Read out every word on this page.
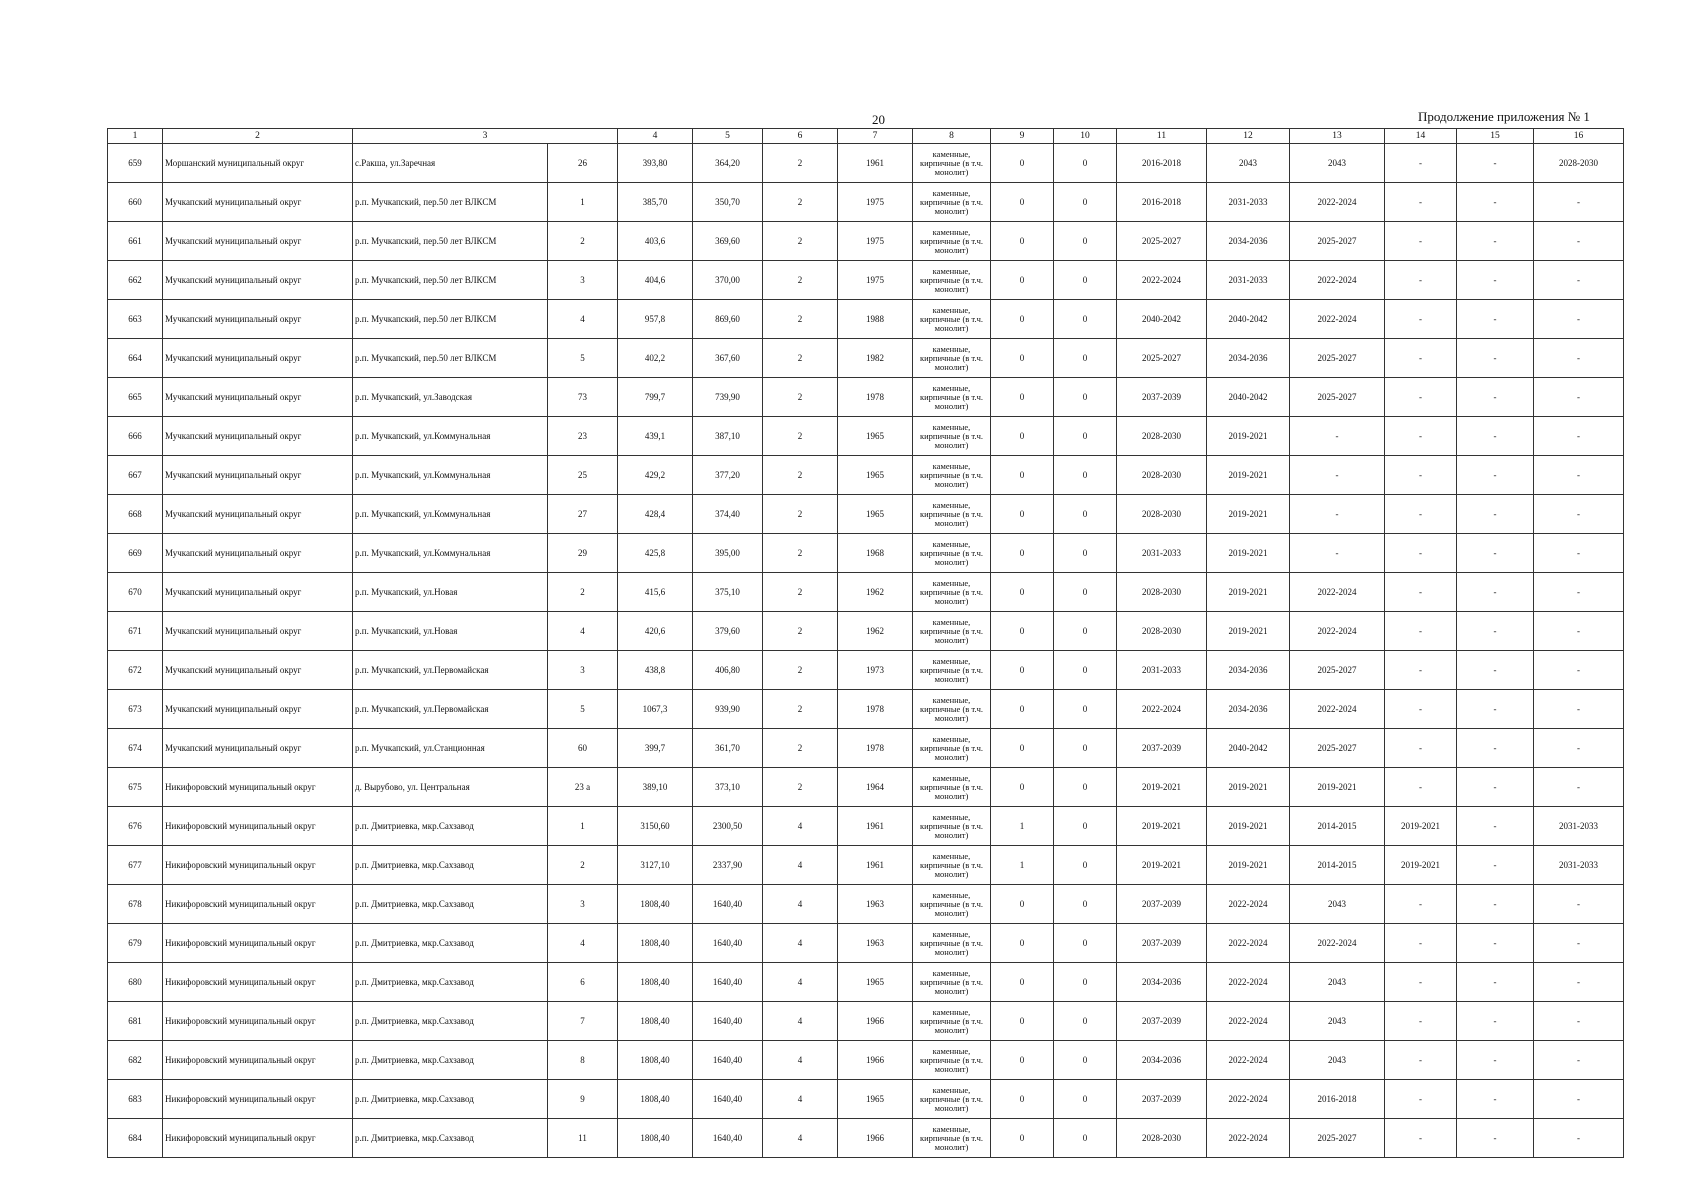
20	Продолжение приложения № 1
1	2	3		4	5	6	7	8	9	10	11	12	13	14	15	16
659	Моршанский муниципальный округ	с.Ракша, ул.Заречная	26	393,80	364,20	2	1961	каменные, кирпичные (в т.ч. монолит)	0	0	2016-2018	2043	2043	-	-	2028-2030
660	Мучкапский муниципальный округ	р.п. Мучкапский, пер.50 лет ВЛКСМ	1	385,70	350,70	2	1975	каменные, кирпичные (в т.ч. монолит)	0	0	2016-2018	2031-2033	2022-2024	-	-	-
661	Мучкапский муниципальный округ	р.п. Мучкапский, пер.50 лет ВЛКСМ	2	403,6	369,60	2	1975	каменные, кирпичные (в т.ч. монолит)	0	0	2025-2027	2034-2036	2025-2027	-	-	-
662	Мучкапский муниципальный округ	р.п. Мучкапский, пер.50 лет ВЛКСМ	3	404,6	370,00	2	1975	каменные, кирпичные (в т.ч. монолит)	0	0	2022-2024	2031-2033	2022-2024	-	-	-
663	Мучкапский муниципальный округ	р.п. Мучкапский, пер.50 лет ВЛКСМ	4	957,8	869,60	2	1988	каменные, кирпичные (в т.ч. монолит)	0	0	2040-2042	2040-2042	2022-2024	-	-	-
664	Мучкапский муниципальный округ	р.п. Мучкапский, пер.50 лет ВЛКСМ	5	402,2	367,60	2	1982	каменные, кирпичные (в т.ч. монолит)	0	0	2025-2027	2034-2036	2025-2027	-	-	-
665	Мучкапский муниципальный округ	р.п. Мучкапский, ул.Заводская	73	799,7	739,90	2	1978	каменные, кирпичные (в т.ч. монолит)	0	0	2037-2039	2040-2042	2025-2027	-	-	-
666	Мучкапский муниципальный округ	р.п. Мучкапский, ул.Коммунальная	23	439,1	387,10	2	1965	каменные, кирпичные (в т.ч. монолит)	0	0	2028-2030	2019-2021	-	-	-	-
667	Мучкапский муниципальный округ	р.п. Мучкапский, ул.Коммунальная	25	429,2	377,20	2	1965	каменные, кирпичные (в т.ч. монолит)	0	0	2028-2030	2019-2021	-	-	-	-
668	Мучкапский муниципальный округ	р.п. Мучкапский, ул.Коммунальная	27	428,4	374,40	2	1965	каменные, кирпичные (в т.ч. монолит)	0	0	2028-2030	2019-2021	-	-	-	-
669	Мучкапский муниципальный округ	р.п. Мучкапский, ул.Коммунальная	29	425,8	395,00	2	1968	каменные, кирпичные (в т.ч. монолит)	0	0	2031-2033	2019-2021	-	-	-	-
670	Мучкапский муниципальный округ	р.п. Мучкапский, ул.Новая	2	415,6	375,10	2	1962	каменные, кирпичные (в т.ч. монолит)	0	0	2028-2030	2019-2021	2022-2024	-	-	-
671	Мучкапский муниципальный округ	р.п. Мучкапский, ул.Новая	4	420,6	379,60	2	1962	каменные, кирпичные (в т.ч. монолит)	0	0	2028-2030	2019-2021	2022-2024	-	-	-
672	Мучкапский муниципальный округ	р.п. Мучкапский, ул.Первомайская	3	438,8	406,80	2	1973	каменные, кирпичные (в т.ч. монолит)	0	0	2031-2033	2034-2036	2025-2027	-	-	-
673	Мучкапский муниципальный округ	р.п. Мучкапский, ул.Первомайская	5	1067,3	939,90	2	1978	каменные, кирпичные (в т.ч. монолит)	0	0	2022-2024	2034-2036	2022-2024	-	-	-
674	Мучкапский муниципальный округ	р.п. Мучкапский, ул.Станционная	60	399,7	361,70	2	1978	каменные, кирпичные (в т.ч. монолит)	0	0	2037-2039	2040-2042	2025-2027	-	-	-
675	Никифоровский муниципальный округ	д. Вырубово, ул. Центральная	23 а	389,10	373,10	2	1964	каменные, кирпичные (в т.ч. монолит)	0	0	2019-2021	2019-2021	2019-2021	-	-	-
676	Никифоровский муниципальный округ	р.п. Дмитриевка, мкр.Сахзавод	1	3150,60	2300,50	4	1961	каменные, кирпичные (в т.ч. монолит)	1	0	2019-2021	2019-2021	2014-2015	2019-2021	-	2031-2033
677	Никифоровский муниципальный округ	р.п. Дмитриевка, мкр.Сахзавод	2	3127,10	2337,90	4	1961	каменные, кирпичные (в т.ч. монолит)	1	0	2019-2021	2019-2021	2014-2015	2019-2021	-	2031-2033
678	Никифоровский муниципальный округ	р.п. Дмитриевка, мкр.Сахзавод	3	1808,40	1640,40	4	1963	каменные, кирпичные (в т.ч. монолит)	0	0	2037-2039	2022-2024	2043	-	-	-
679	Никифоровский муниципальный округ	р.п. Дмитриевка, мкр.Сахзавод	4	1808,40	1640,40	4	1963	каменные, кирпичные (в т.ч. монолит)	0	0	2037-2039	2022-2024	2022-2024	-	-	-
680	Никифоровский муниципальный округ	р.п. Дмитриевка, мкр.Сахзавод	6	1808,40	1640,40	4	1965	каменные, кирпичные (в т.ч. монолит)	0	0	2034-2036	2022-2024	2043	-	-	-
681	Никифоровский муниципальный округ	р.п. Дмитриевка, мкр.Сахзавод	7	1808,40	1640,40	4	1966	каменные, кирпичные (в т.ч. монолит)	0	0	2037-2039	2022-2024	2043	-	-	-
682	Никифоровский муниципальный округ	р.п. Дмитриевка, мкр.Сахзавод	8	1808,40	1640,40	4	1966	каменные, кирпичные (в т.ч. монолит)	0	0	2034-2036	2022-2024	2043	-	-	-
683	Никифоровский муниципальный округ	р.п. Дмитриевка, мкр.Сахзавод	9	1808,40	1640,40	4	1965	каменные, кирпичные (в т.ч. монолит)	0	0	2037-2039	2022-2024	2016-2018	-	-	-
684	Никифоровский муниципальный округ	р.п. Дмитриевка, мкр.Сахзавод	11	1808,40	1640,40	4	1966	каменные, кирпичные (в т.ч. монолит)	0	0	2028-2030	2022-2024	2025-2027	-	-	-
